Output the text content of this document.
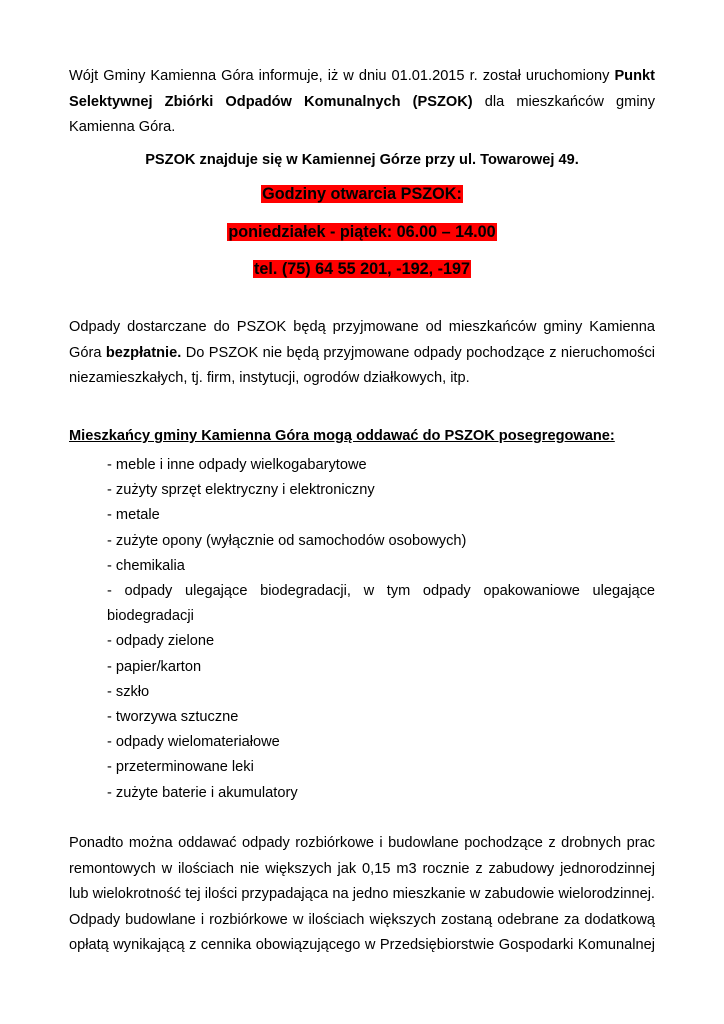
Wójt Gminy Kamienna Góra informuje, iż w dniu 01.01.2015 r. został uruchomiony Punkt Selektywnej Zbiórki Odpadów Komunalnych (PSZOK) dla mieszkańców gminy Kamienna Góra.

PSZOK znajduje się w Kamiennej Górze przy ul. Towarowej 49.

Godziny otwarcia PSZOK:

poniedziałek - piątek: 06.00 – 14.00

tel. (75) 64 55 201, -192, -197

Odpady dostarczane do PSZOK będą przyjmowane od mieszkańców gminy Kamienna Góra bezpłatnie. Do PSZOK nie będą przyjmowane odpady pochodzące z nieruchomości niezamieszkałych, tj. firm, instytucji, ogrodów działkowych, itp.

Mieszkańcy gminy Kamienna Góra mogą oddawać do PSZOK posegregowane:

- meble i inne odpady wielkogabarytowe
- zużyty sprzęt elektryczny i elektroniczny
- metale
- zużyte opony (wyłącznie od samochodów osobowych)
- chemikalia
- odpady ulegające biodegradacji, w tym odpady opakowaniowe ulegające biodegradacji
- odpady zielone
- papier/karton
- szkło
- tworzywa sztuczne
- odpady wielomateriałowe
- przeterminowane leki
- zużyte baterie i akumulatory

Ponadto można oddawać odpady rozbiórkowe i budowlane pochodzące z drobnych prac remontowych w ilościach nie większych jak 0,15 m3 rocznie z zabudowy jednorodzinnej lub wielokrotność tej ilości przypadająca na jedno mieszkanie w zabudowie wielorodzinnej. Odpady budowlane i rozbiórkowe w ilościach większych zostaną odebrane za dodatkową opłatą wynikającą z cennika obowiązującego w Przedsiębiorstwie Gospodarki Komunalnej
